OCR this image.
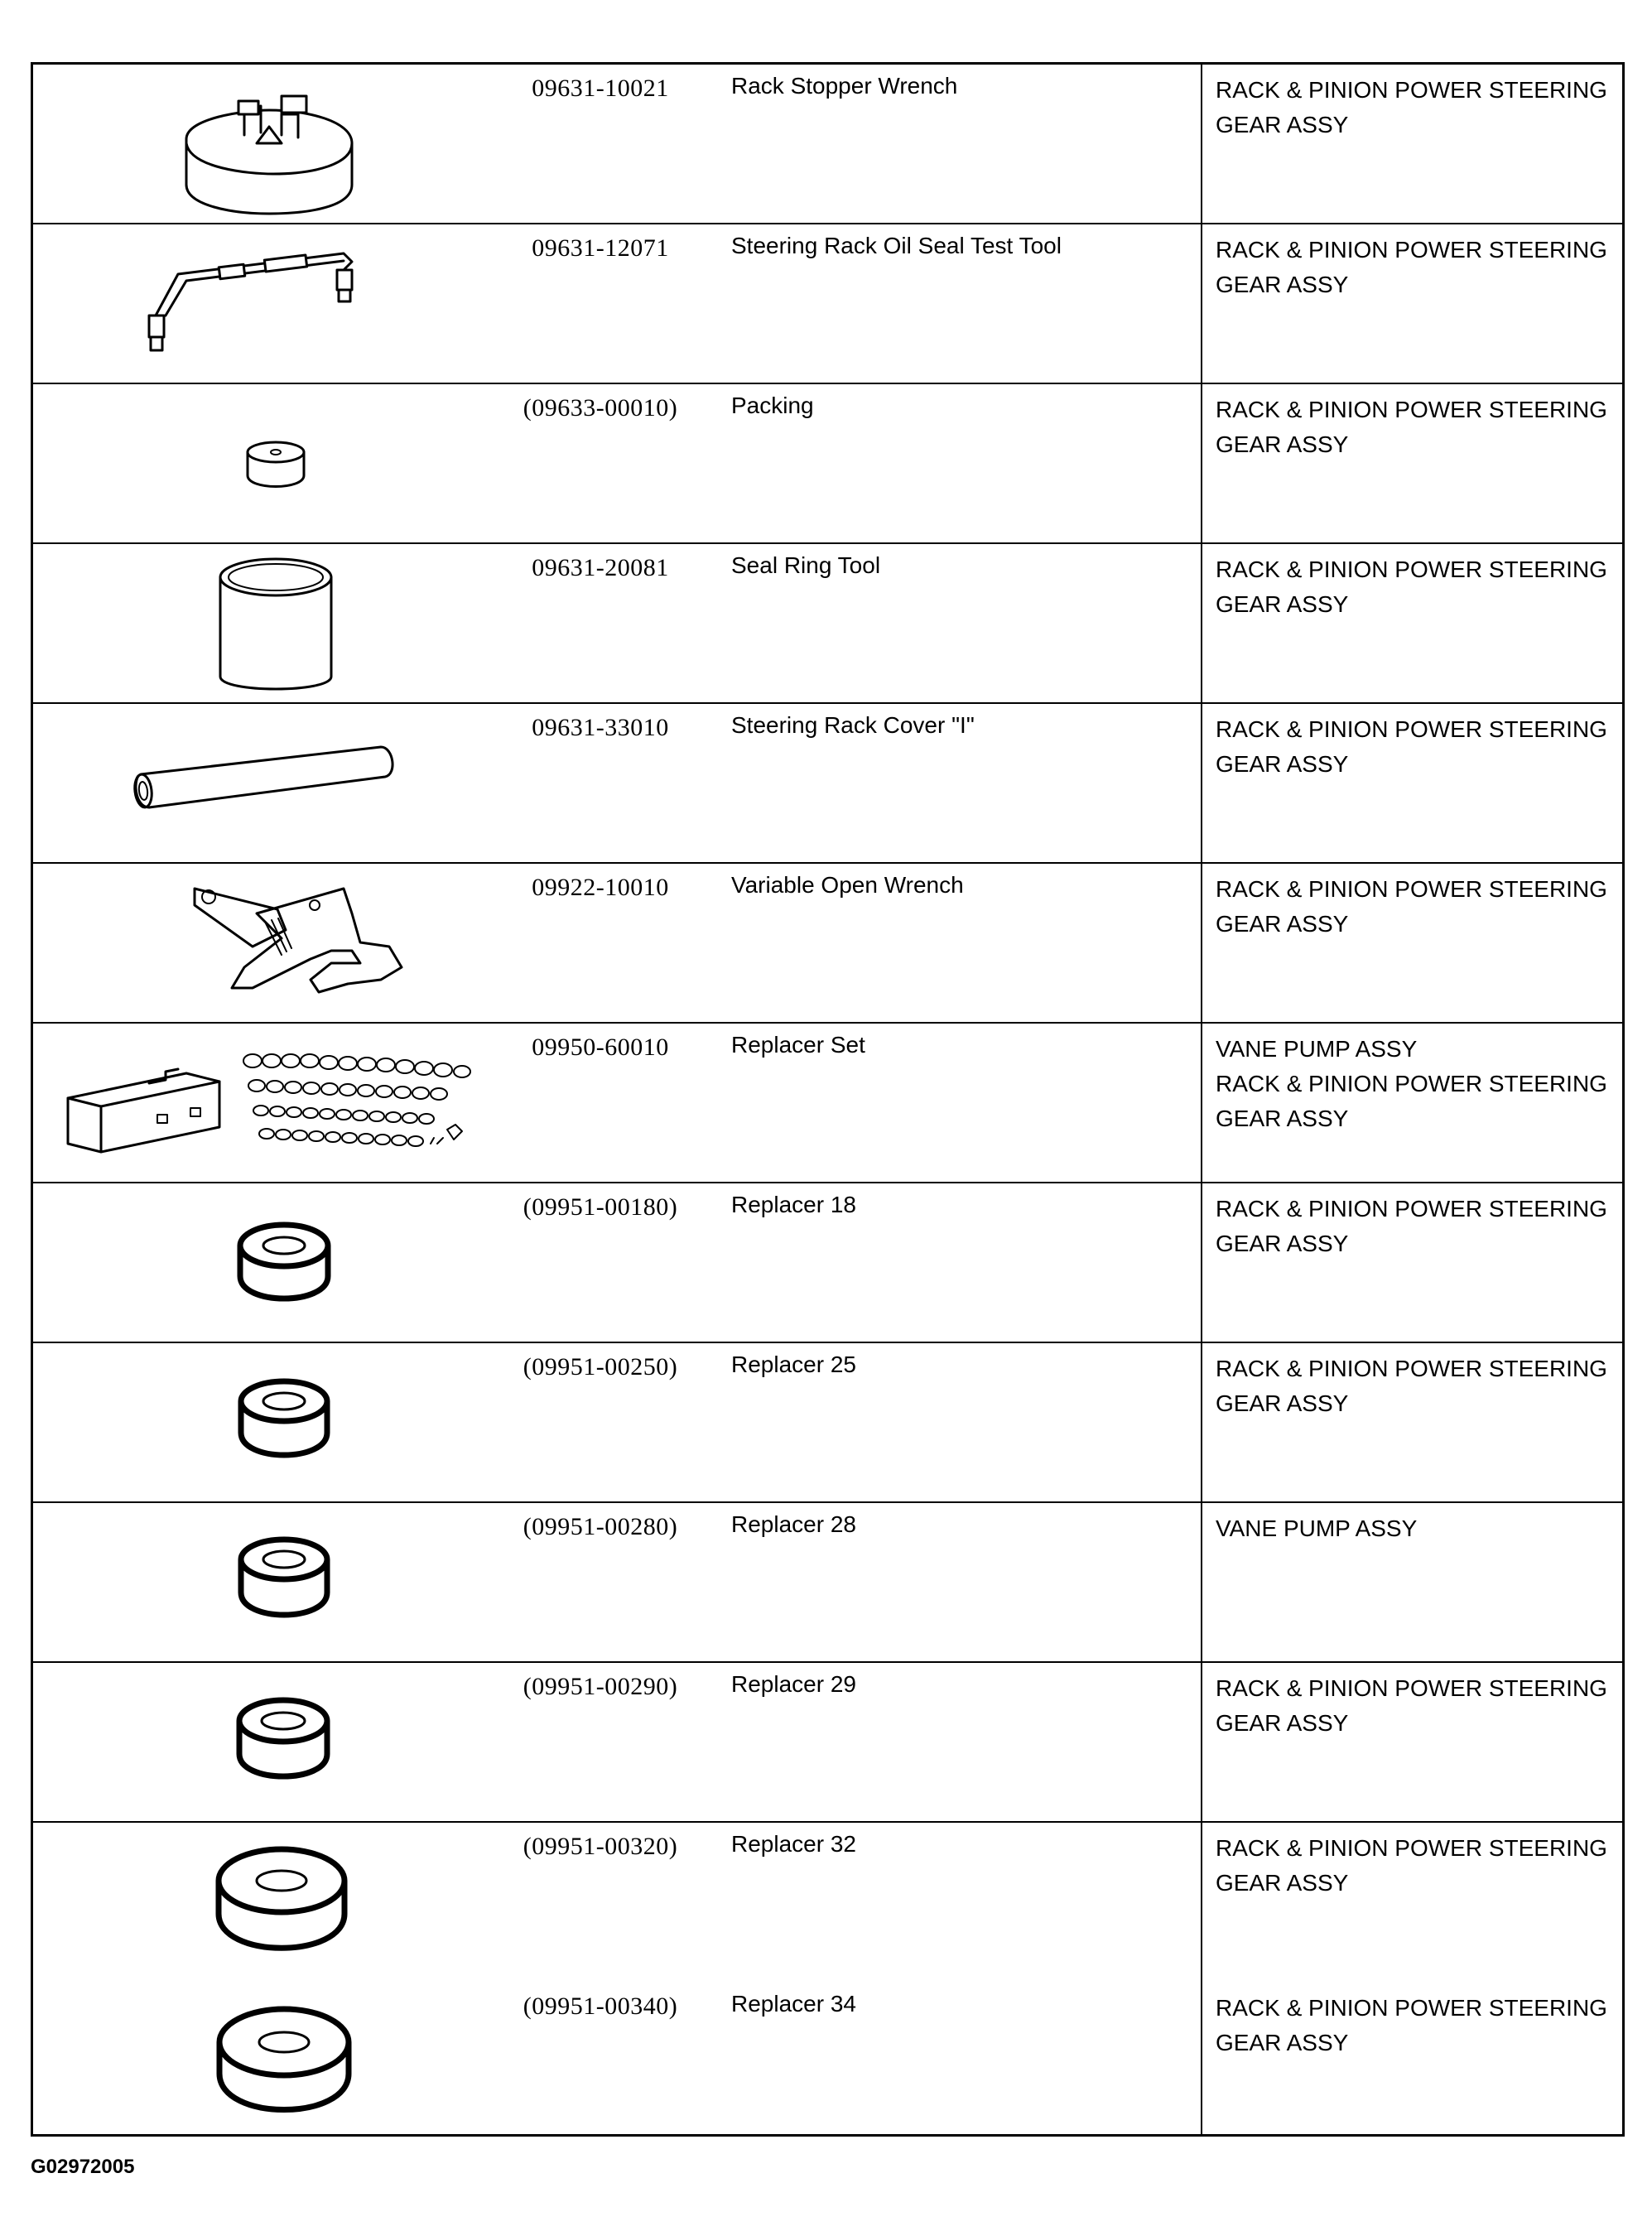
09631-10021	Rack Stopper Wrench	RACK & PINION POWER STEERING
GEAR ASSY
09631-12071	Steering Rack Oil Seal Test Tool	RACK & PINION POWER STEERING
GEAR ASSY
(09633-00010)	Packing	RACK & PINION POWER STEERING
GEAR ASSY
09631-20081	Seal Ring Tool	RACK & PINION POWER STEERING
GEAR ASSY
09631-33010	Steering Rack Cover "I"	RACK & PINION POWER STEERING
GEAR ASSY
09922-10010	Variable Open Wrench	RACK & PINION POWER STEERING
GEAR ASSY
09950-60010	Replacer Set	VANE PUMP ASSY
RACK & PINION POWER STEERING
GEAR ASSY
(09951-00180)	Replacer 18	RACK & PINION POWER STEERING
GEAR ASSY
(09951-00250)	Replacer 25	RACK & PINION POWER STEERING
GEAR ASSY
(09951-00280)	Replacer 28	VANE PUMP ASSY
(09951-00290)	Replacer 29	RACK & PINION POWER STEERING
GEAR ASSY
(09951-00320)	Replacer 32	RACK & PINION POWER STEERING
GEAR ASSY
(09951-00340)	Replacer 34	RACK & PINION POWER STEERING
GEAR ASSY
G02972005
